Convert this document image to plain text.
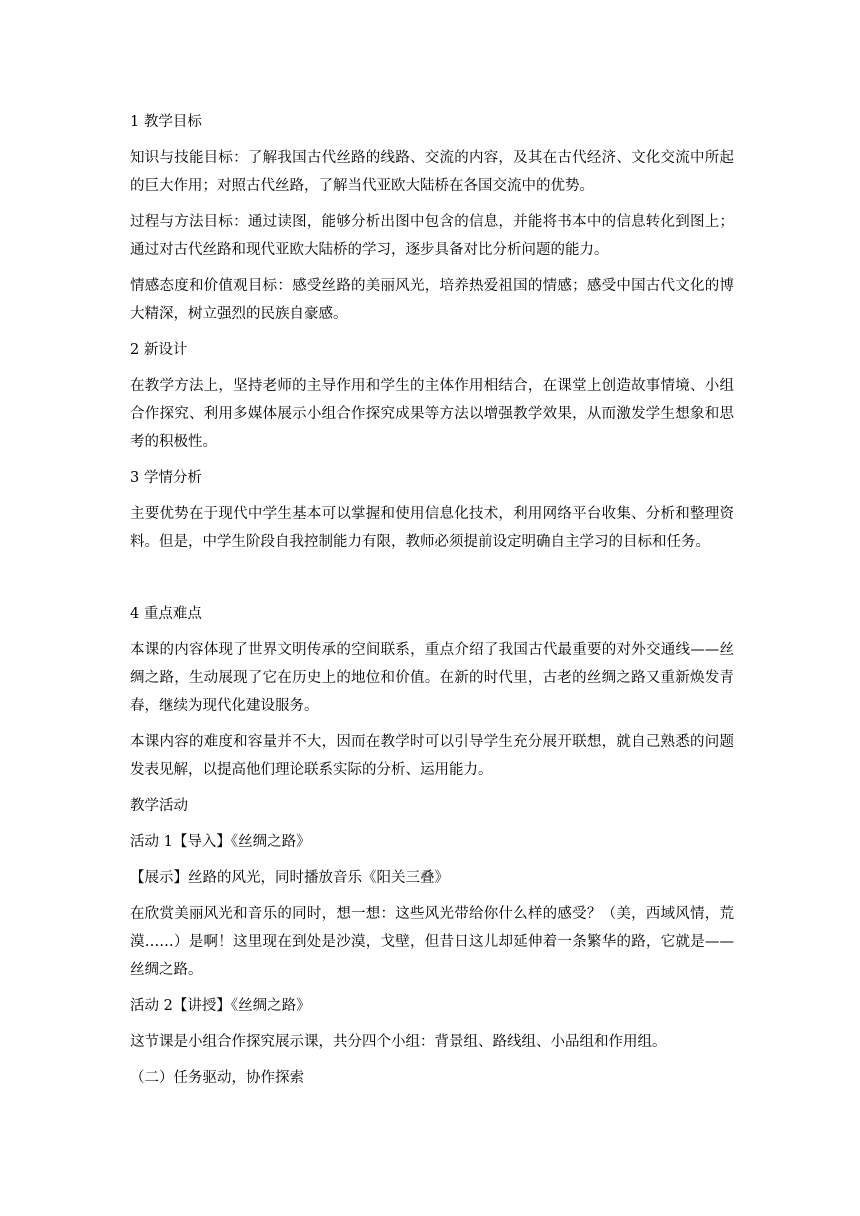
1 教学目标

知识与技能目标：了解我国古代丝路的线路、交流的内容，及其在古代经济、文化交流中所起的巨大作用；对照古代丝路，了解当代亚欧大陆桥在各国交流中的优势。

过程与方法目标：通过读图，能够分析出图中包含的信息，并能将书本中的信息转化到图上；通过对古代丝路和现代亚欧大陆桥的学习，逐步具备对比分析问题的能力。

情感态度和价值观目标：感受丝路的美丽风光，培养热爱祖国的情感；感受中国古代文化的博大精深，树立强烈的民族自豪感。

2 新设计

在教学方法上，坚持老师的主导作用和学生的主体作用相结合，在课堂上创造故事情境、小组合作探究、利用多媒体展示小组合作探究成果等方法以增强教学效果，从而激发学生想象和思考的积极性。

3 学情分析

主要优势在于现代中学生基本可以掌握和使用信息化技术，利用网络平台收集、分析和整理资料。但是，中学生阶段自我控制能力有限，教师必须提前设定明确自主学习的目标和任务。

4 重点难点

本课的内容体现了世界文明传承的空间联系，重点介绍了我国古代最重要的对外交通线——丝绸之路，生动展现了它在历史上的地位和价值。在新的时代里，古老的丝绸之路又重新焕发青春，继续为现代化建设服务。

本课内容的难度和容量并不大，因而在教学时可以引导学生充分展开联想，就自己熟悉的问题发表见解，以提高他们理论联系实际的分析、运用能力。

教学活动

活动 1【导入】《丝绸之路》

【展示】丝路的风光，同时播放音乐《阳关三叠》

在欣赏美丽风光和音乐的同时，想一想：这些风光带给你什么样的感受？（美，西域风情，荒漠……）是啊！这里现在到处是沙漠，戈壁，但昔日这儿却延伸着一条繁华的路，它就是——丝绸之路。

活动 2【讲授】《丝绸之路》

这节课是小组合作探究展示课，共分四个小组：背景组、路线组、小品组和作用组。

（二）任务驱动，协作探索
